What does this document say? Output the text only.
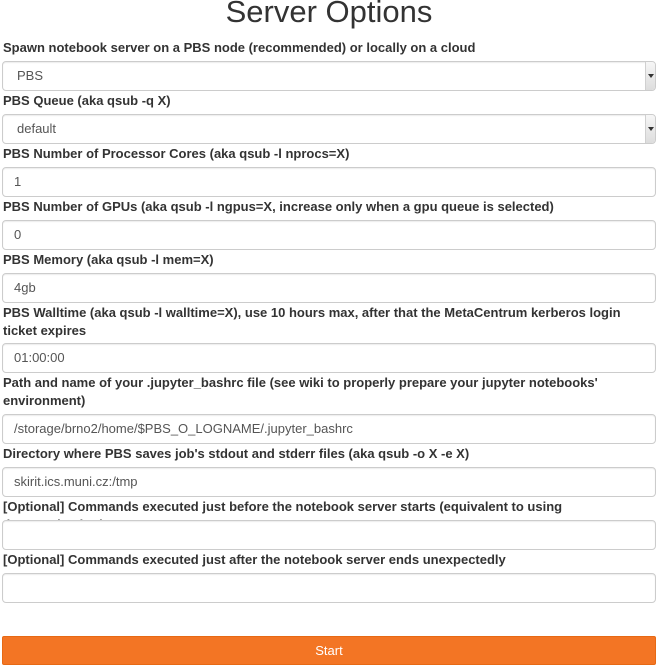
Server Options
Spawn notebook server on a PBS node (recommended) or locally on a cloud
PBS
PBS Queue (aka qsub -q X)
default
PBS Number of Processor Cores (aka qsub -l nprocs=X)
1
PBS Number of GPUs (aka qsub -l ngpus=X, increase only when a gpu queue is selected)
0
PBS Memory (aka qsub -l mem=X)
4gb
PBS Walltime (aka qsub -l walltime=X), use 10 hours max, after that the MetaCentrum kerberos login ticket expires
01:00:00
Path and name of your .jupyter_bashrc file (see wiki to properly prepare your jupyter notebooks' environment)
/storage/brno2/home/$PBS_O_LOGNAME/.jupyter_bashrc
Directory where PBS saves job's stdout and stderr files (aka qsub -o X -e X)
skirit.ics.muni.cz:/tmp
[Optional] Commands executed just before the notebook server starts (equivalent to using
[Optional] Commands executed just after the notebook server ends unexpectedly
Start
